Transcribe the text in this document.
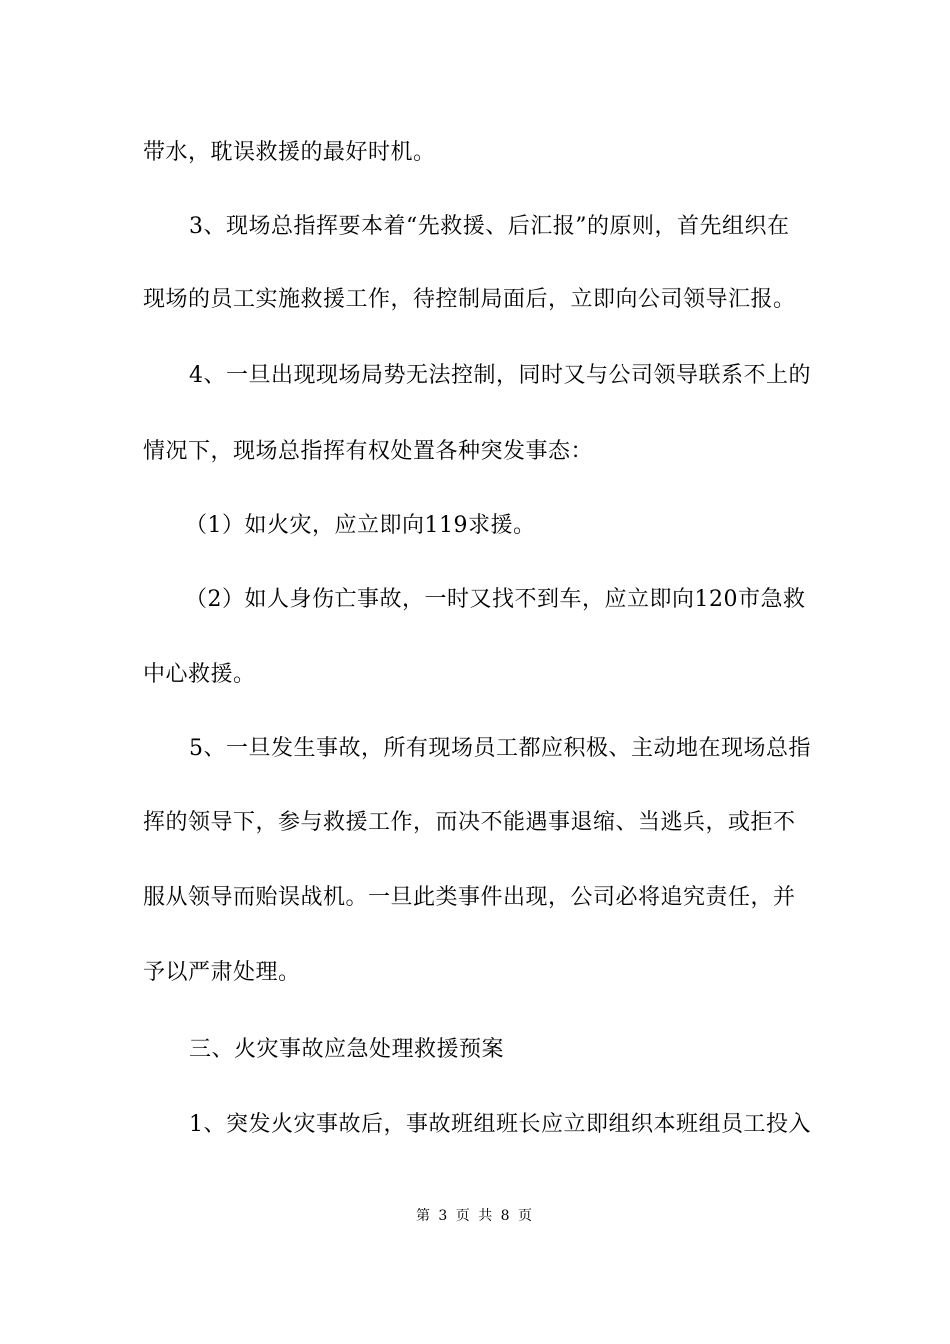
带水，耽误救援的最好时机。
3、现场总指挥要本着“先救援、后汇报”的原则，首先组织在
现场的员工实施救援工作，待控制局面后，立即向公司领导汇报。
4、一旦出现现场局势无法控制，同时又与公司领导联系不上的
情况下，现场总指挥有权处置各种突发事态：
（1）如火灾，应立即向119求援。
（2）如人身伤亡事故，一时又找不到车，应立即向120市急救
中心救援。
5、一旦发生事故，所有现场员工都应积极、主动地在现场总指
挥的领导下，参与救援工作，而决不能遇事退缩、当逃兵，或拒不
服从领导而贻误战机。一旦此类事件出现，公司必将追究责任，并
予以严肃处理。
三、火灾事故应急处理救援预案
1、突发火灾事故后，事故班组班长应立即组织本班组员工投入
第 3 页 共 8 页
